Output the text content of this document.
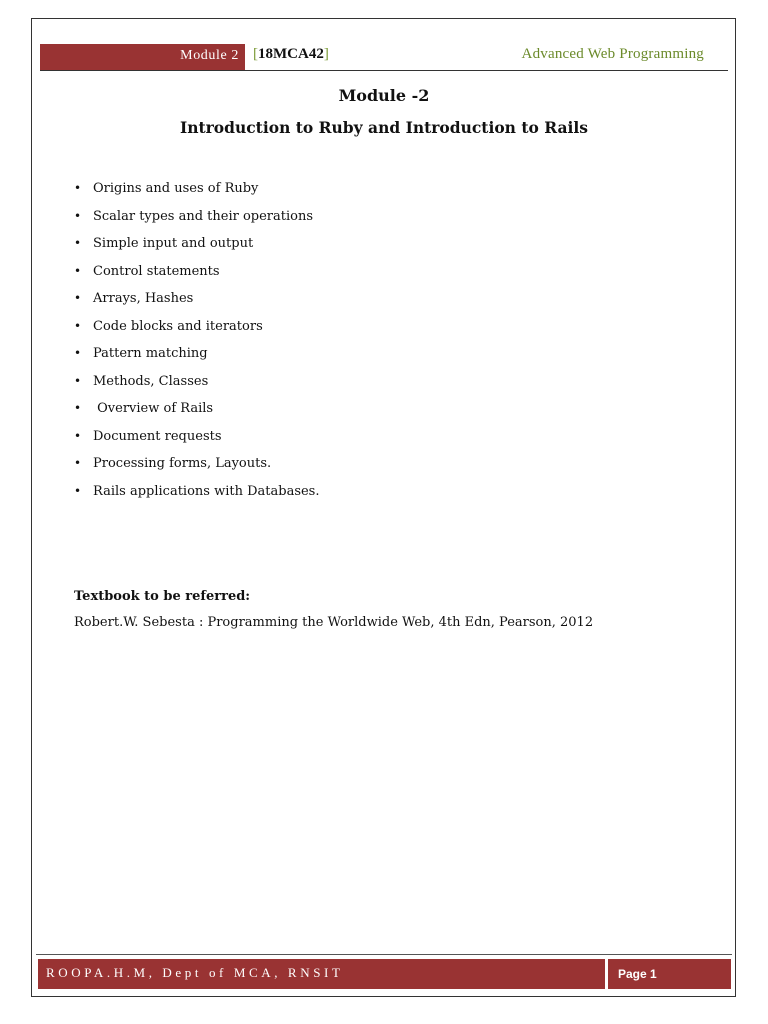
Module 2 [18MCA42]	Advanced Web Programming
Module -2
Introduction to Ruby and Introduction to Rails
• Origins and uses of Ruby
• Scalar types and their operations
• Simple input and output
• Control statements
• Arrays, Hashes
• Code blocks and iterators
• Pattern matching
• Methods, Classes
• Overview of Rails
• Document requests
• Processing forms, Layouts.
• Rails applications with Databases.
Textbook to be referred:
Robert.W. Sebesta : Programming the Worldwide Web, 4th Edn, Pearson, 2012
ROOPA.H.M, Dept of MCA, RNSIT	Page 1
